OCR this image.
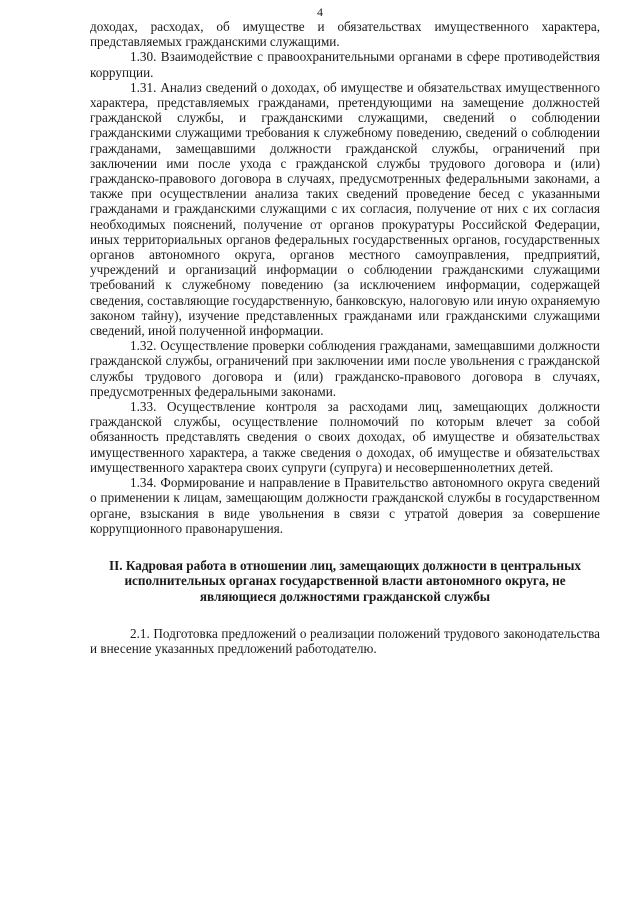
4

доходах, расходах, об имуществе и обязательствах имущественного характера, представляемых гражданскими служащими.

1.30. Взаимодействие с правоохранительными органами в сфере противодействия коррупции.

1.31. Анализ сведений о доходах, об имуществе и обязательствах имущественного характера, представляемых гражданами, претендующими на замещение должностей гражданской службы, и гражданскими служащими, сведений о соблюдении гражданскими служащими требования к служебному поведению, сведений о соблюдении гражданами, замещавшими должности гражданской службы, ограничений при заключении ими после ухода с гражданской службы трудового договора и (или) гражданско-правового договора в случаях, предусмотренных федеральными законами, а также при осуществлении анализа таких сведений проведение бесед с указанными гражданами и гражданскими служащими с их согласия, получение от них с их согласия необходимых пояснений, получение от органов прокуратуры Российской Федерации, иных территориальных органов федеральных государственных органов, государственных органов автономного округа, органов местного самоуправления, предприятий, учреждений и организаций информации о соблюдении гражданскими служащими требований к служебному поведению (за исключением информации, содержащей сведения, составляющие государственную, банковскую, налоговую или иную охраняемую законом тайну), изучение представленных гражданами или гражданскими служащими сведений, иной полученной информации.

1.32. Осуществление проверки соблюдения гражданами, замещавшими должности гражданской службы, ограничений при заключении ими после увольнения с гражданской службы трудового договора и (или) гражданско-правового договора в случаях, предусмотренных федеральными законами.

1.33. Осуществление контроля за расходами лиц, замещающих должности гражданской службы, осуществление полномочий по которым влечет за собой обязанность представлять сведения о своих доходах, об имуществе и обязательствах имущественного характера, а также сведения о доходах, об имуществе и обязательствах имущественного характера своих супруги (супруга) и несовершеннолетних детей.

1.34. Формирование и направление в Правительство автономного округа сведений о применении к лицам, замещающим должности гражданской службы в государственном органе, взыскания в виде увольнения в связи с утратой доверия за совершение коррупционного правонарушения.

II. Кадровая работа в отношении лиц, замещающих должности в центральных исполнительных органах государственной власти автономного округа, не являющиеся должностями гражданской службы

2.1. Подготовка предложений о реализации положений трудового законодательства и внесение указанных предложений работодателю.
